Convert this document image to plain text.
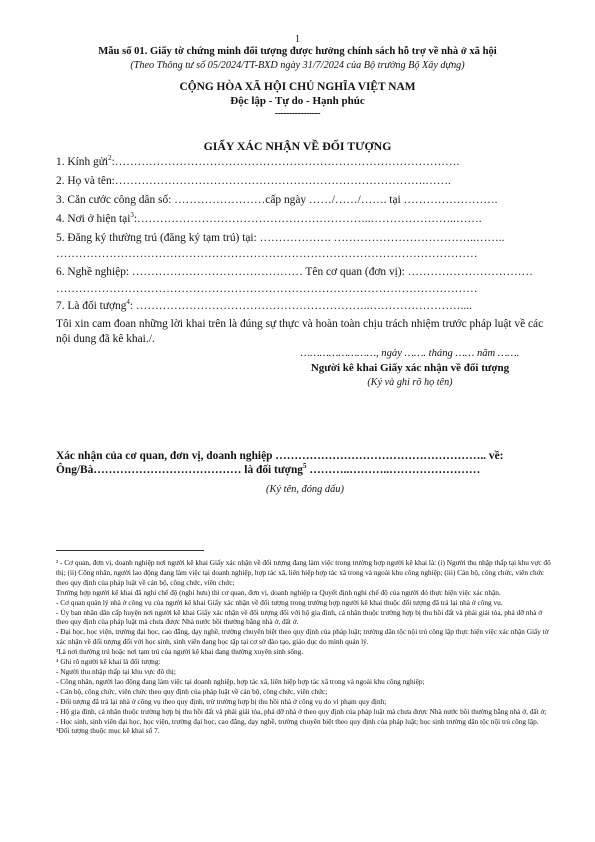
1
Mẫu số 01. Giấy tờ chứng minh đối tượng được hưởng chính sách hỗ trợ về nhà ở xã hội
(Theo Thông tư số 05/2024/TT-BXD ngày 31/7/2024 của Bộ trưởng Bộ Xây dựng)
CỘNG HÒA XÃ HỘI CHỦ NGHĨA VIỆT NAM
Độc lập - Tự do - Hạnh phúc
----------------
GIẤY XÁC NHẬN VỀ ĐỐI TƯỢNG
1. Kính gửi$^2$:……………………………………………………………………………….
2. Họ và tên:……………………………………………………………………….…….
3. Căn cước công dân số: ……………………cấp ngày ……/……/……. tại …………………….
4. Nơi ở hiện tại$^3$:……………………………………………………..…………………..…….
5. Đăng ký thường trú (đăng ký tạm trú) tại: ………………. ………………………………..……..
…………………………………………………………………………………………………
6. Nghề nghiệp: ……………………………………… Tên cơ quan (đơn vị): ……………………………
…………………………………………………………………………………………………
7. Là đối tượng$^4$: ……………………………………………………..……………………....
Tôi xin cam đoan những lời khai trên là đúng sự thực và hoàn toàn chịu trách nhiệm trước pháp luật về các nội dung đã kê khai./.
……………………, ngày ……. tháng …… năm …….
Người kê khai Giấy xác nhận về đối tượng
(Ký và ghi rõ họ tên)
Xác nhận của cơ quan, đơn vị, doanh nghiệp ……………………………………………….. về:
Ông/Bà………………………………… là đối tượng$^5$ ………..………..……………………
(Ký tên, đóng dấu)

² - Cơ quan, đơn vị, doanh nghiệp nơi người kê khai Giấy xác nhận về đối tượng đang làm việc trong trường hợp người kê khai là: (i) Người thu nhập thấp tại khu vực đô thị; (ii) Công nhân, người lao động đang làm việc tại doanh nghiệp, hợp tác xã, liên hiệp hợp tác xã trong và ngoài khu công nghiệp; (iii) Cán bộ, công chức, viên chức theo quy định của pháp luật về cán bộ, công chức, viên chức;

Trường hợp người kê khai đã nghỉ chế độ (nghỉ hưu) thì cơ quan, đơn vị, doanh nghiệp ra Quyết định nghỉ chế độ của người đó thực hiện việc xác nhận.

- Cơ quan quản lý nhà ở công vụ của người kê khai Giấy xác nhận về đối tượng trong trường hợp người kê khai thuộc đối tượng đã trả lại nhà ở công vụ.

- Ủy ban nhân dân cấp huyện nơi người kê khai Giấy xác nhận về đối tượng đối với hộ gia đình, cá nhân thuộc trường hợp bị thu hồi đất và phải giải tỏa, phá dỡ nhà ở theo quy định của pháp luật mà chưa được Nhà nước bồi thường bằng nhà ở, đất ở.

- Đại học, học viện, trường đại học, cao đẳng, dạy nghề, trường chuyên biệt theo quy định của pháp luật; trường dân tộc nội trú công lập thực hiện việc xác nhận Giấy tờ xác nhận về đối tượng đối với học sinh, sinh viên đang học tập tại cơ sở đào tạo, giáo dục do mình quản lý.

³Là nơi thường trú hoặc nơi tạm trú của người kê khai đang thường xuyên sinh sống.

⁴ Ghi rõ người kê khai là đối tượng:

- Người thu nhập thấp tại khu vực đô thị;

- Công nhân, người lao động đang làm việc tại doanh nghiệp, hợp tác xã, liên hiệp hợp tác xã trong và ngoài khu công nghiệp;

- Cán bộ, công chức, viên chức theo quy định của pháp luật về cán bộ, công chức, viên chức;

- Đối tượng đã trả lại nhà ở công vụ theo quy định, trừ trường hợp bị thu hồi nhà ở công vụ do vi phạm quy định;

- Hộ gia đình, cá nhân thuộc trường hợp bị thu hồi đất và phải giải tỏa, phá dỡ nhà ở theo quy định của pháp luật mà chưa được Nhà nước bồi thường bằng nhà ở, đất ở;

- Học sinh, sinh viên đại học, học viện, trường đại học, cao đẳng, dạy nghề, trường chuyên biệt theo quy định của pháp luật; học sinh trường dân tộc nội trú công lập.

⁵Đối tượng thuộc mục kê khai số 7.
